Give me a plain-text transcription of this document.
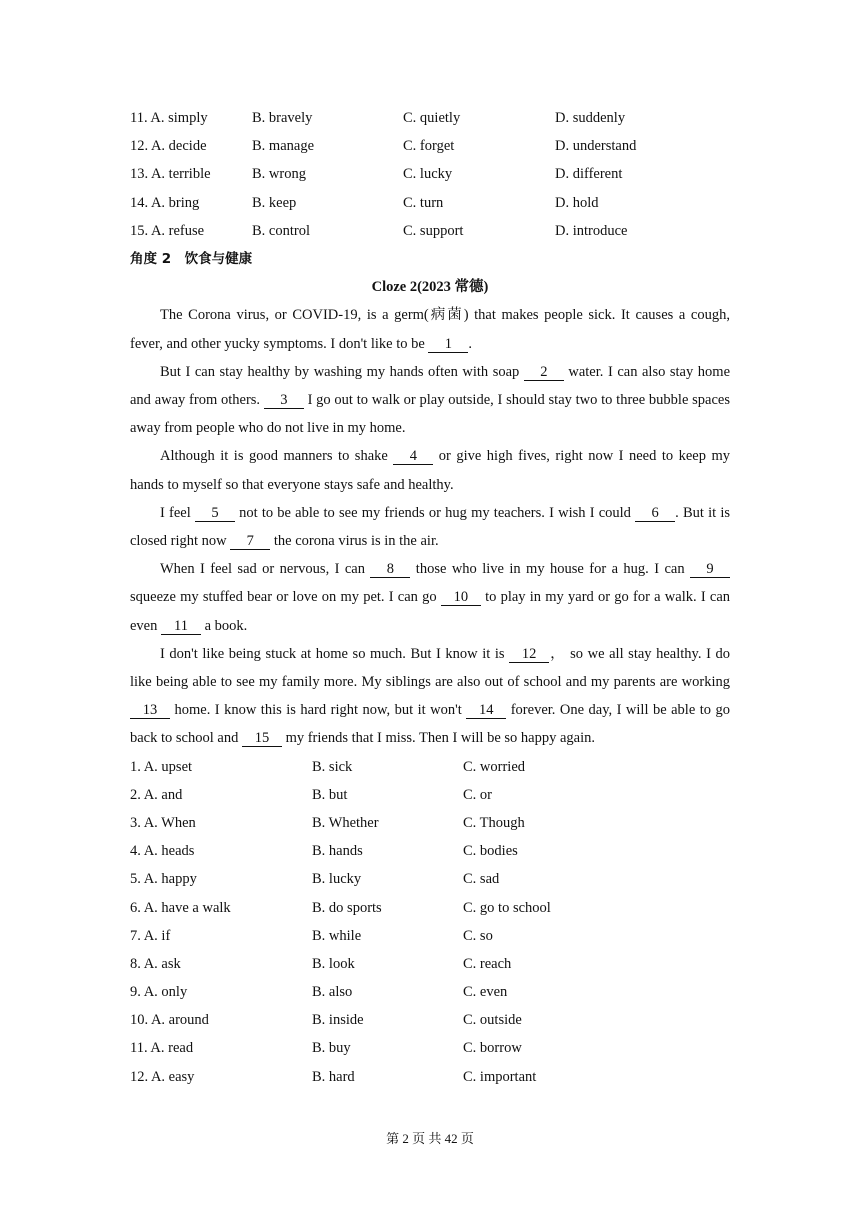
11. A. simply	B. bravely	C. quietly	D. suddenly
12. A. decide	B. manage	C. forget	D. understand
13. A. terrible	B. wrong	C. lucky	D. different
14. A. bring	B. keep	C. turn	D. hold
15. A. refuse	B. control	C. support	D. introduce
角度 2　饮食与健康
Cloze 2(2023 常德)

The Corona virus, or COVID-19, is a germ(病菌) that makes people sick. It causes a cough, fever, and other yucky symptoms. I don't like to be 1 .

But I can stay healthy by washing my hands often with soap 2 water. I can also stay home and away from others. 3 I go out to walk or play outside, I should stay two to three bubble spaces away from people who do not live in my home.

Although it is good manners to shake 4 or give high fives, right now I need to keep my hands to myself so that everyone stays safe and healthy.

I feel 5 not to be able to see my friends or hug my teachers. I wish I could 6 . But it is closed right now 7 the corona virus is in the air.

When I feel sad or nervous, I can 8 those who live in my house for a hug. I can 9 squeeze my stuffed bear or love on my pet. I can go 10 to play in my yard or go for a walk. I can even 11 a book.

I don't like being stuck at home so much. But I know it is 12 ， so we all stay healthy. I do like being able to see my family more. My siblings are also out of school and my parents are working 13 home. I know this is hard right now, but it won't 14 forever. One day, I will be able to go back to school and 15 my friends that I miss. Then I will be so happy again.

1. A. upset	B. sick	C. worried
2. A. and	B. but	C. or
3. A. When	B. Whether	C. Though
4. A. heads	B. hands	C. bodies
5. A. happy	B. lucky	C. sad
6. A. have a walk	B. do sports	C. go to school
7. A. if	B. while	C. so
8. A. ask	B. look	C. reach
9. A. only	B. also	C. even
10. A. around	B. inside	C. outside
11. A. read	B. buy	C. borrow
12. A. easy	B. hard	C. important
第 2 页 共 42 页
